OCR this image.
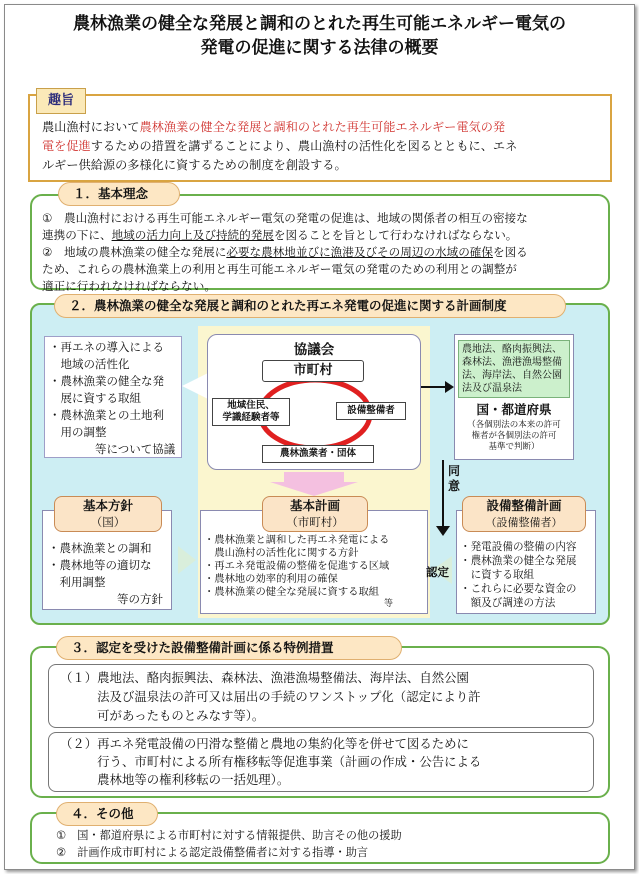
農林漁業の健全な発展と調和のとれた再生可能エネルギー電気の
発電の促進に関する法律の概要
趣旨
農山漁村において農林漁業の健全な発展と調和のとれた再生可能エネルギー電気の発
電を促進するための措置を講ずることにより、農山漁村の活性化を図るとともに、エネ
ルギー供給源の多様化に資するための制度を創設する。
１．基本理念
①　農山漁村における再生可能エネルギー電気の発電の促進は、地域の関係者の相互の密接な
連携の下に、地域の活力向上及び持続的発展を図ることを旨として行わなければならない。
②　地域の農林漁業の健全な発展に必要な農林地並びに漁港及びその周辺の水域の確保を図る
ため、これらの農林漁業上の利用と再生可能エネルギー電気の発電のための利用との調整が
適正に行われなければならない。
２．農林漁業の健全な発展と調和のとれた再エネ発電の促進に関する計画制度
・再エネの導入による
　地域の活性化
・農林漁業の健全な発
　展に資する取組
・農林漁業との土地利
　用の調整
　　　　等について協議
協議会
市町村
地域住民、
学識経験者等
設備整備者
農林漁業者・団体
農地法、酪肉振興法、
森林法、漁港漁場整備
法、海岸法、自然公園
法及び温泉法
国・都道府県
（各個別法の本来の許可
権者が各個別法の許可
基準で判断）
同意
基本方針
（国）
・農林漁業との調和
・農林地等の適切な
　利用調整
　　　　　　等の方針
基本計画
（市町村）
・農林漁業と調和した再エネ発電による
　農山漁村の活性化に関する方針
・再エネ発電設備の整備を促進する区域
・農林地の効率的利用の確保
・農林漁業の健全な発展に資する取組
　　　　　　　　　　　　　　　　　　　　等
認定
設備整備計画
（設備整備者）
・発電設備の整備の内容
・農林漁業の健全な発展
　に資する取組
・これらに必要な資金の
　額及び調達の方法
３．認定を受けた設備整備計画に係る特例措置
（１）農地法、酪肉振興法、森林法、漁港漁場整備法、海岸法、自然公園
　　　法及び温泉法の許可又は届出の手続のワンストップ化（認定により許
　　　可があったものとみなす等）。
（２）再エネ発電設備の円滑な整備と農地の集約化等を併せて図るために
　　　行う、市町村による所有権移転等促進事業（計画の作成・公告による
　　　農林地等の権利移転の一括処理）。
４．その他
①　国・都道府県による市町村に対する情報提供、助言その他の援助
②　計画作成市町村による認定設備整備者に対する指導・助言
